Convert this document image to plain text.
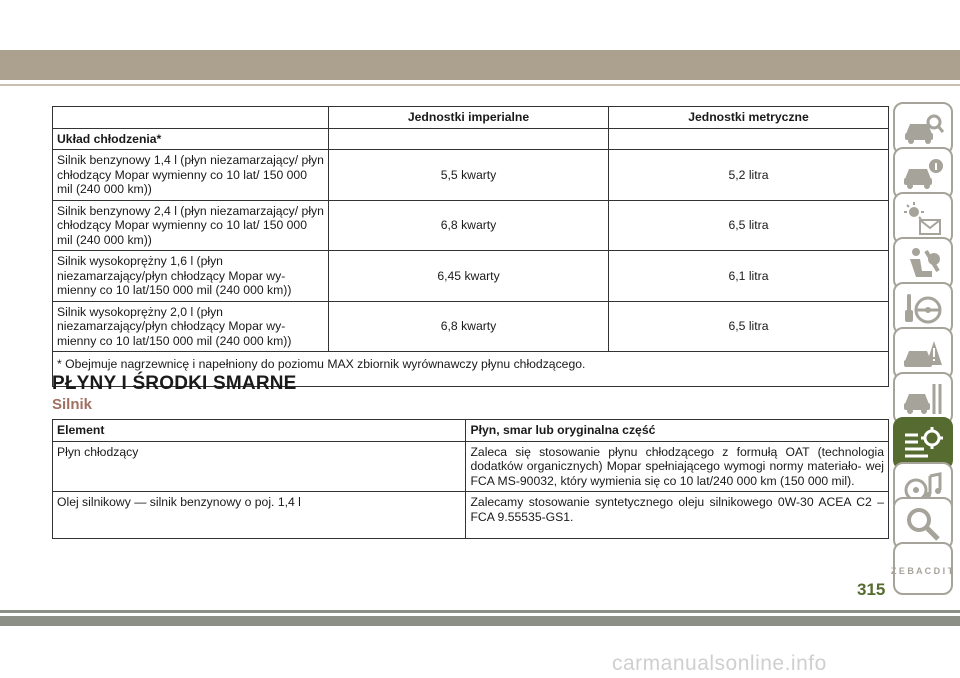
	Jednostki imperialne	Jednostki metryczne
Układ chłodzenia*		
Silnik benzynowy 1,4 l (płyn niezamarzający/ płyn chłodzący Mopar wymienny co 10 lat/ 150 000 mil (240 000 km))	5,5 kwarty	5,2 litra
Silnik benzynowy 2,4 l (płyn niezamarzający/ płyn chłodzący Mopar wymienny co 10 lat/ 150 000 mil (240 000 km))	6,8 kwarty	6,5 litra
Silnik wysokoprężny 1,6 l (płyn niezamarzający/płyn chłodzący Mopar wy- mienny co 10 lat/150 000 mil (240 000 km))	6,45 kwarty	6,1 litra
Silnik wysokoprężny 2,0 l (płyn niezamarzający/płyn chłodzący Mopar wy- mienny co 10 lat/150 000 mil (240 000 km))	6,8 kwarty	6,5 litra
* Obejmuje nagrzewnicę i napełniony do poziomu MAX zbiornik wyrównawczy płynu chłodzącego.		
PŁYNY I ŚRODKI SMARNE
Silnik
Element	Płyn, smar lub oryginalna część
Płyn chłodzący	Zaleca się stosowanie płynu chłodzącego z formułą OAT (technologia dodatków organicznych) Mopar spełniającego wymogi normy materiało- wej FCA MS-90032, który wymienia się co 10 lat/240 000 km (150 000 mil).
Olej silnikowy — silnik benzynowy o poj. 1,4 l	Zalecamy stosowanie syntetycznego oleju silnikowego 0W-30 ACEA C2 – FCA 9.55535-GS1.
Z E B A C D I T
315
carmanualsonline.info
